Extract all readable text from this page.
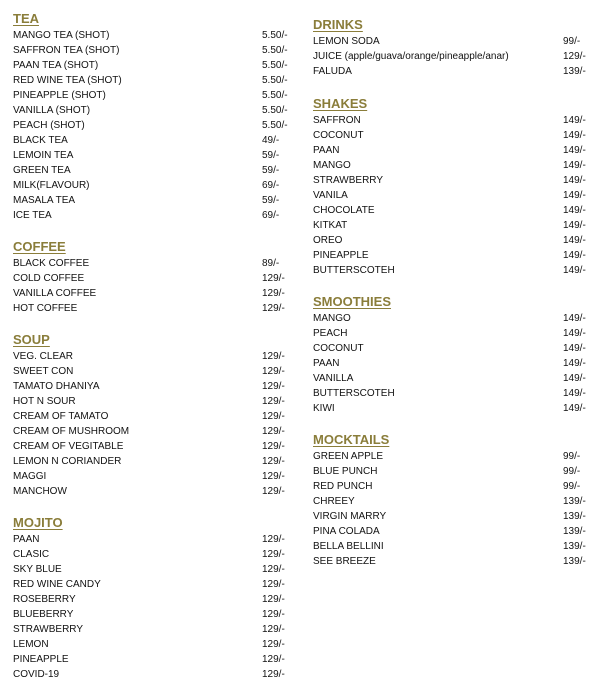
TEA
MANGO TEA (SHOT)	5.50/-
SAFFRON TEA (SHOT)	5.50/-
PAAN TEA (SHOT)	5.50/-
RED WINE TEA (SHOT)	5.50/-
PINEAPPLE (SHOT)	5.50/-
VANILLA (SHOT)	5.50/-
PEACH (SHOT)	5.50/-
BLACK TEA	49/-
LEMOIN TEA	59/-
GREEN TEA	59/-
MILK(FLAVOUR)	69/-
MASALA TEA	59/-
ICE TEA	69/-
COFFEE
BLACK COFFEE	89/-
COLD COFFEE	129/-
VANILLA COFFEE	129/-
HOT COFFEE	129/-
SOUP
VEG. CLEAR	129/-
SWEET CON	129/-
TAMATO DHANIYA	129/-
HOT N SOUR	129/-
CREAM OF TAMATO	129/-
CREAM OF MUSHROOM	129/-
CREAM OF VEGITABLE	129/-
LEMON N CORIANDER	129/-
MAGGI	129/-
MANCHOW	129/-
MOJITO
PAAN	129/-
CLASIC	129/-
SKY BLUE	129/-
RED WINE CANDY	129/-
ROSEBERRY	129/-
BLUEBERRY	129/-
STRAWBERRY	129/-
LEMON	129/-
PINEAPPLE	129/-
COVID-19	129/-
DRINKS
LEMON SODA	99/-
JUICE (apple/guava/orange/pineapple/anar)	129/-
FALUDA	139/-
SHAKES
SAFFRON	149/-
COCONUT	149/-
PAAN	149/-
MANGO	149/-
STRAWBERRY	149/-
VANILA	149/-
CHOCOLATE	149/-
KITKAT	149/-
OREO	149/-
PINEAPPLE	149/-
BUTTERSCOTEH	149/-
SMOOTHIES
MANGO	149/-
PEACH	149/-
COCONUT	149/-
PAAN	149/-
VANILLA	149/-
BUTTERSCOTEH	149/-
KIWI	149/-
MOCKTAILS
GREEN APPLE	99/-
BLUE PUNCH	99/-
RED PUNCH	99/-
CHREEY	139/-
VIRGIN MARRY	139/-
PINA COLADA	139/-
BELLA BELLINI	139/-
SEE BREEZE	139/-
